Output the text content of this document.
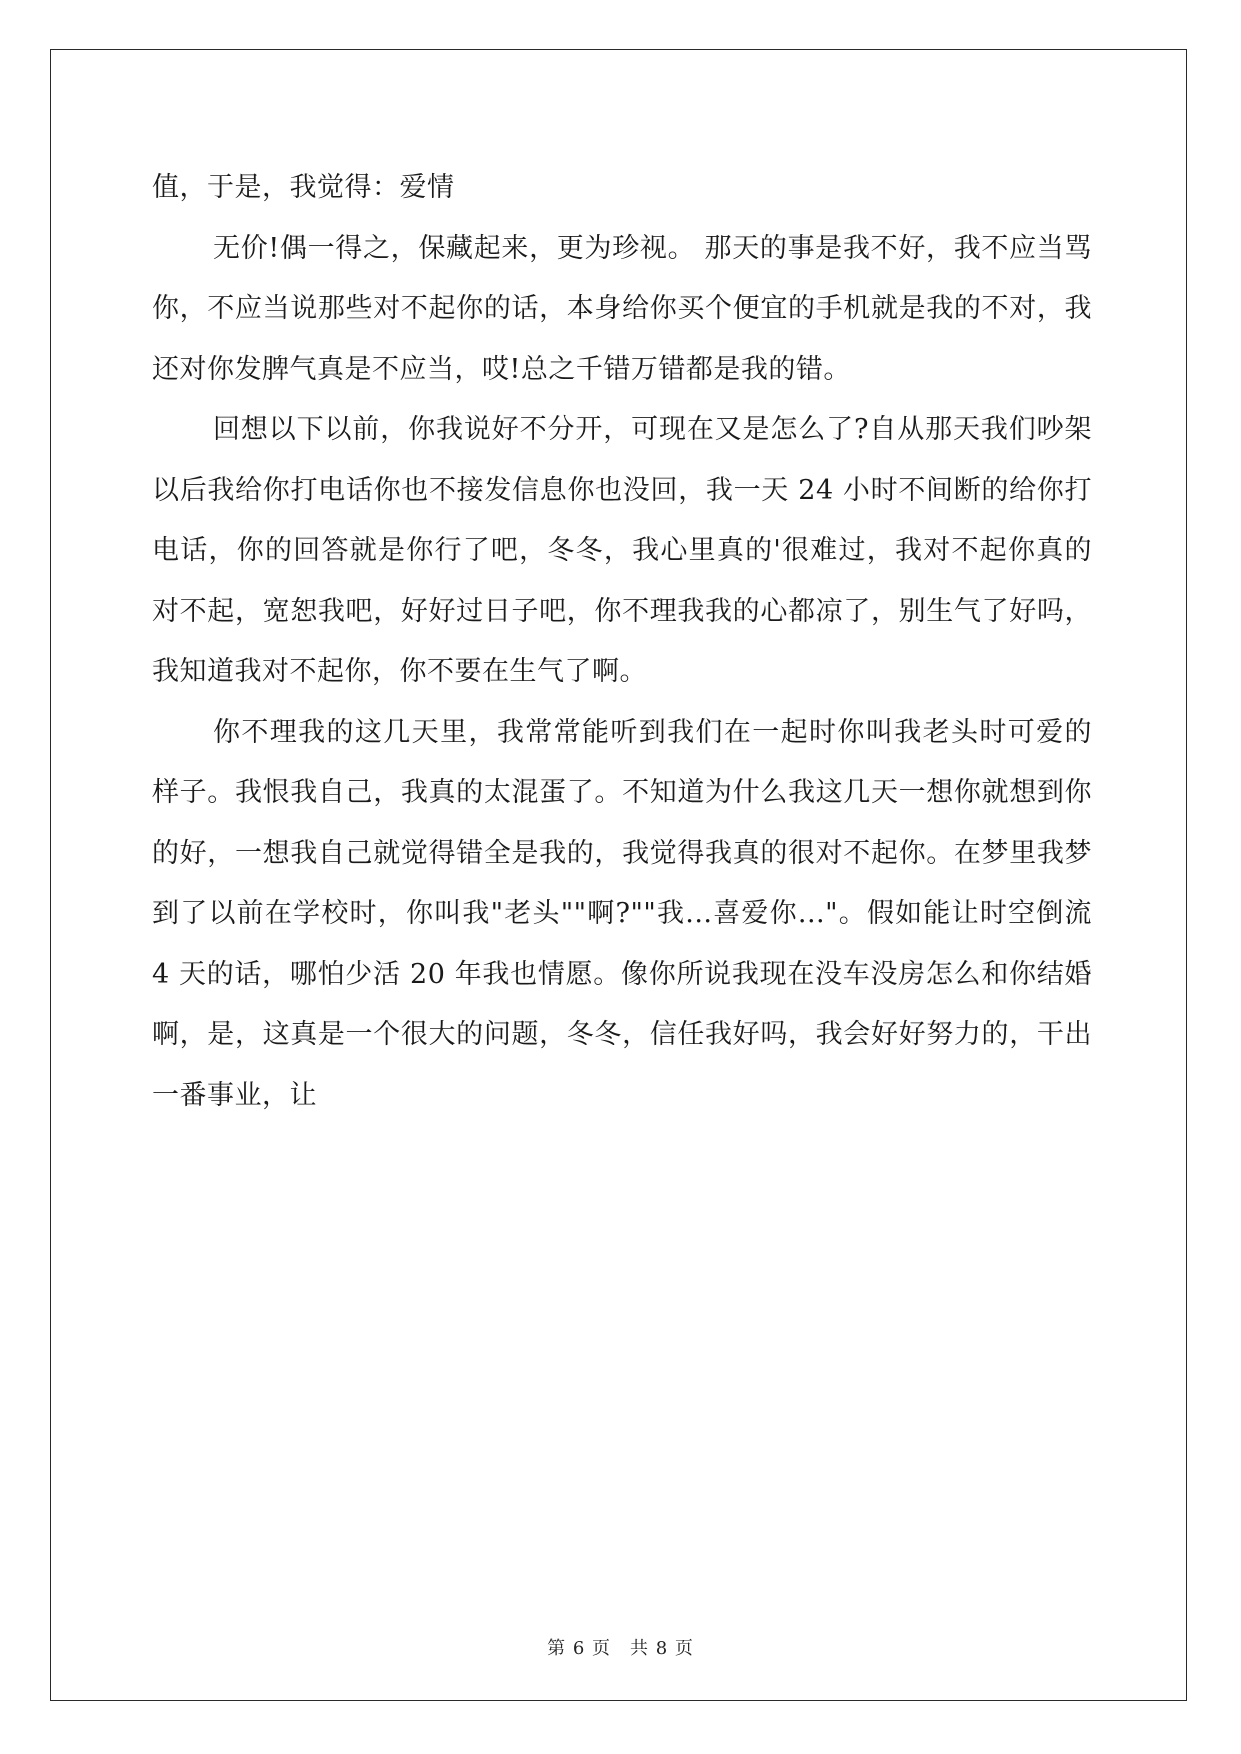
值，于是，我觉得：爱情

无价!偶一得之，保藏起来，更为珍视。 那天的事是我不好，我不应当骂你，不应当说那些对不起你的话，本身给你买个便宜的手机就是我的不对，我还对你发脾气真是不应当，哎!总之千错万错都是我的错。

回想以下以前，你我说好不分开，可现在又是怎么了?自从那天我们吵架以后我给你打电话你也不接发信息你也没回，我一天 24 小时不间断的给你打电话，你的回答就是你行了吧，冬冬，我心里真的'很难过，我对不起你真的对不起，宽恕我吧，好好过日子吧，你不理我我的心都凉了，别生气了好吗，我知道我对不起你，你不要在生气了啊。

你不理我的这几天里，我常常能听到我们在一起时你叫我老头时可爱的样子。我恨我自己，我真的太混蛋了。不知道为什么我这几天一想你就想到你的好，一想我自己就觉得错全是我的，我觉得我真的很对不起你。在梦里我梦到了以前在学校时，你叫我"老头""啊?""我...喜爱你..."。假如能让时空倒流 4 天的话，哪怕少活 20 年我也情愿。像你所说我现在没车没房怎么和你结婚啊，是，这真是一个很大的问题，冬冬，信任我好吗，我会好好努力的，干出一番事业，让

第 6 页　共 8 页
